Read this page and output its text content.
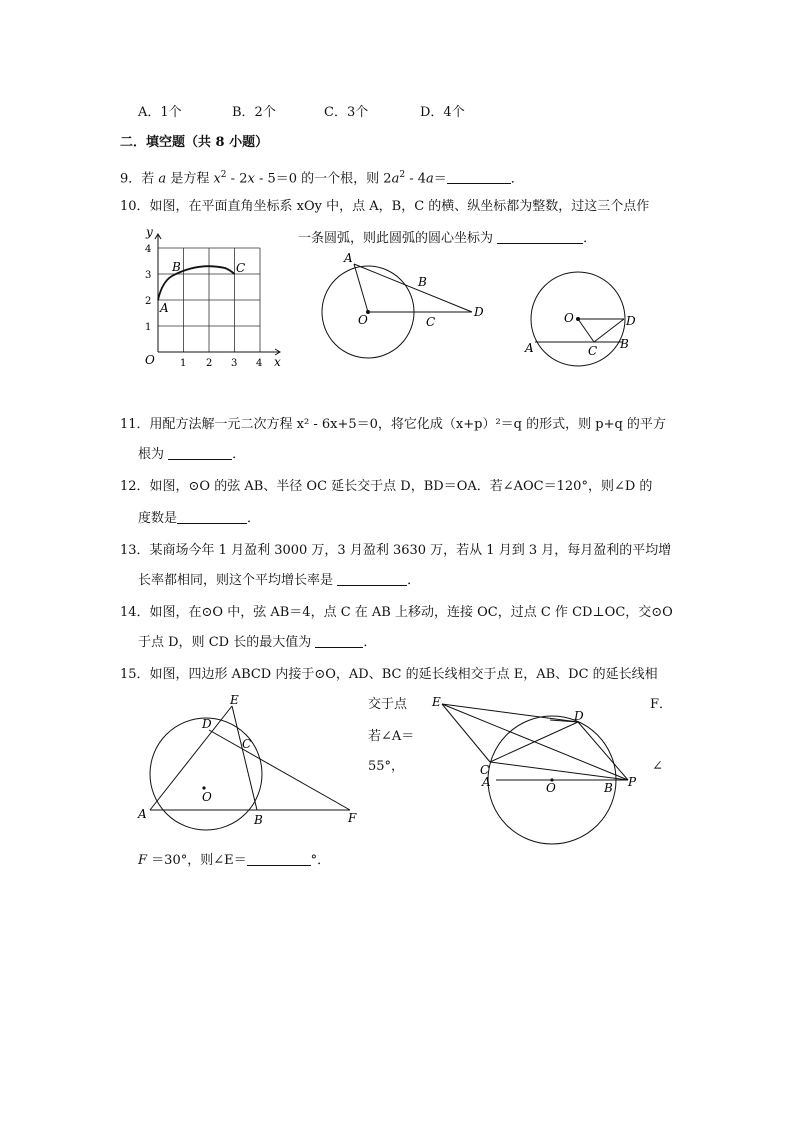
A．1个	B．2个	C．3个	D．4个
二．填空题（共 8 小题）
9．若 a 是方程 $x^2 - 2x - 5=0$ 的一个根，则 $2a^2 - 4a=$	．
10．如图，在平面直角坐标系 xOy 中，点 A，B，C 的横、纵坐标都为整数，过这三个点作
一条圆弧，则此圆弧的圆心坐标为	．
y
x
O	1 2 3 4
1
2
3
4
A
B	C
A
B
O	C
D	O	D
A	C B
11．用配方法解一元二次方程 x² - 6x+5＝0，将它化成（x+p）²＝q 的形式，则 p+q 的平方
根为	．
12．如图，⊙O 的弦 AB、半径 OC 延长交于点 D，BD＝OA．若∠AOC＝120°，则∠D 的
度数是	．
13．某商场今年 1 月盈利 3000 万，3 月盈利 3630 万，若从 1 月到 3 月，每月盈利的平均增
长率都相同，则这个平均增长率是	．
14．如图，在⊙O 中，弦 AB＝4，点 C 在 AB 上移动，连接 OC，过点 C 作 CD⊥OC，交⊙O
于点 D，则 CD 长的最大值为	．
15．如图，四边形 ABCD 内接于⊙O，AD、BC 的延长线相交于点 E，AB、DC 的延长线相
交于点	F．
若∠A＝
55°，	∠
F ＝30°，则∠E＝	°．
E
D
C
O
A	B	F
E
D
C
A	O	B P
